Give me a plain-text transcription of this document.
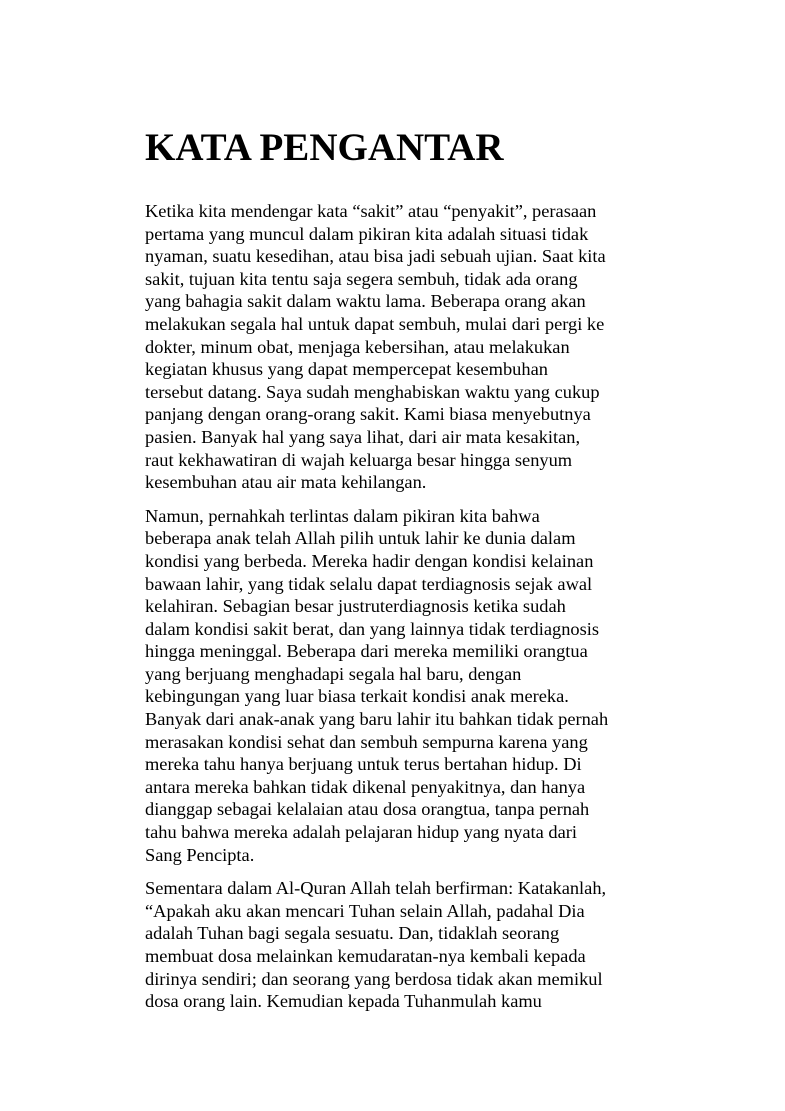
KATA PENGANTAR

Ketika kita mendengar kata “sakit” atau “penyakit”, perasaan
pertama yang muncul dalam pikiran kita adalah situasi tidak
nyaman, suatu kesedihan, atau bisa jadi sebuah ujian. Saat kita
sakit, tujuan kita tentu saja segera sembuh, tidak ada orang
yang bahagia sakit dalam waktu lama. Beberapa orang akan
melakukan segala hal untuk dapat sembuh, mulai dari pergi ke
dokter, minum obat, menjaga kebersihan, atau melakukan
kegiatan khusus yang dapat mempercepat kesembuhan
tersebut datang. Saya sudah menghabiskan waktu yang cukup
panjang dengan orang-orang sakit. Kami biasa menyebutnya
pasien. Banyak hal yang saya lihat, dari air mata kesakitan,
raut kekhawatiran di wajah keluarga besar hingga senyum
kesembuhan atau air mata kehilangan.

Namun, pernahkah terlintas dalam pikiran kita bahwa
beberapa anak telah Allah pilih untuk lahir ke dunia dalam
kondisi yang berbeda. Mereka hadir dengan kondisi kelainan
bawaan lahir, yang tidak selalu dapat terdiagnosis sejak awal
kelahiran. Sebagian besar justruterdiagnosis ketika sudah
dalam kondisi sakit berat, dan yang lainnya tidak terdiagnosis
hingga meninggal. Beberapa dari mereka memiliki orangtua
yang berjuang menghadapi segala hal baru, dengan
kebingungan yang luar biasa terkait kondisi anak mereka.
Banyak dari anak-anak yang baru lahir itu bahkan tidak pernah
merasakan kondisi sehat dan sembuh sempurna karena yang
mereka tahu hanya berjuang untuk terus bertahan hidup. Di
antara mereka bahkan tidak dikenal penyakitnya, dan hanya
dianggap sebagai kelalaian atau dosa orangtua, tanpa pernah
tahu bahwa mereka adalah pelajaran hidup yang nyata dari
Sang Pencipta.

Sementara dalam Al-Quran Allah telah berfirman: Katakanlah,
“Apakah aku akan mencari Tuhan selain Allah, padahal Dia
adalah Tuhan bagi segala sesuatu. Dan, tidaklah seorang
membuat dosa melainkan kemudaratan-nya kembali kepada
dirinya sendiri; dan seorang yang berdosa tidak akan memikul
dosa orang lain. Kemudian kepada Tuhanmulah kamu
